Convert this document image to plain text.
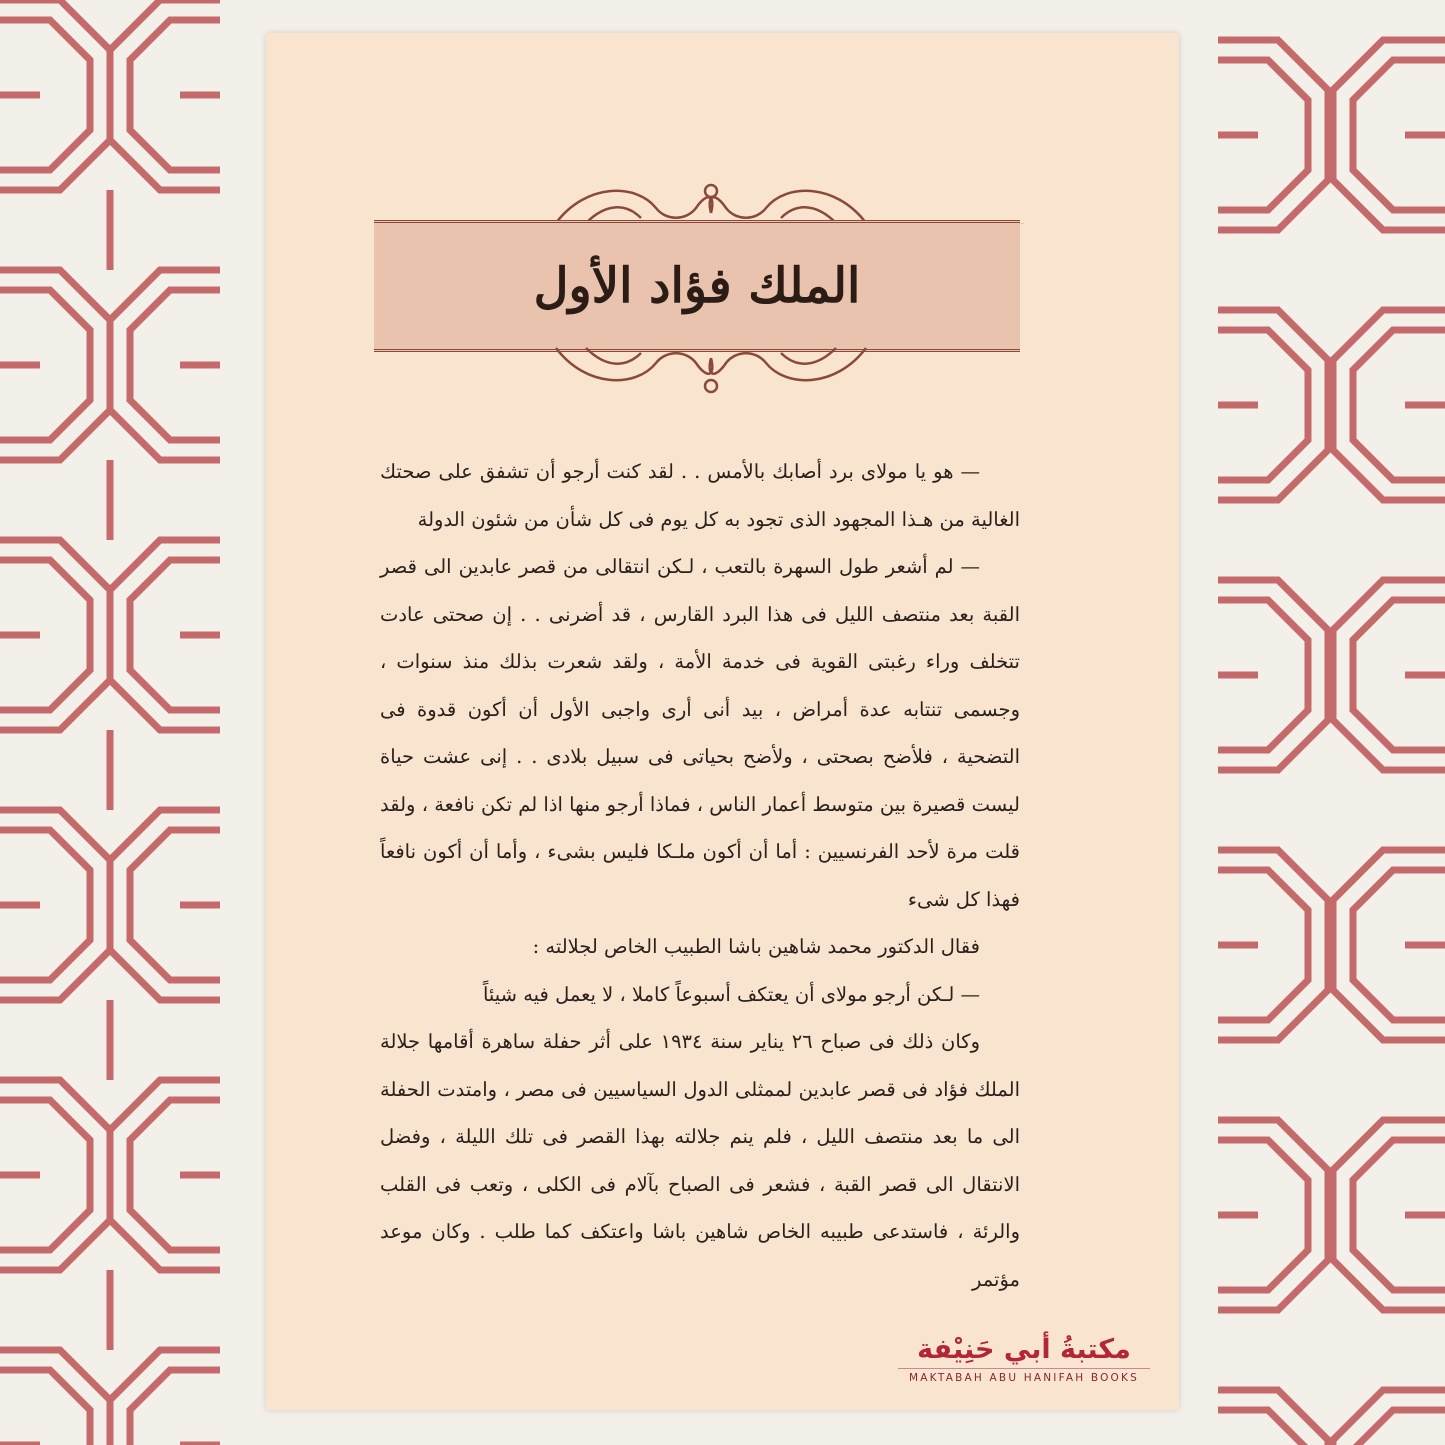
الملك فؤاد الأول

— هو يا مولاى برد أصابك بالأمس . . لقد كنت أرجو أن تشفق على صحتك الغالية من هـذا المجهود الذى تجود به كل يوم فى كل شأن من شئون الدولة

— لم أشعر طول السهرة بالتعب ، لـكن انتقالى من قصر عابدين الى قصر القبة بعد منتصف الليل فى هذا البرد القارس ، قد أضرنى . . إن صحتى عادت تتخلف وراء رغبتى القوية فى خدمة الأمة ، ولقد شعرت بذلك منذ سنوات ، وجسمى تنتابه عدة أمراض ، بيد أنى أرى واجبى الأول أن أكون قدوة فى التضحية ، فلأضح بصحتى ، ولأضح بحياتى فى سبيل بلادى . . إنى عشت حياة ليست قصيرة بين متوسط أعمار الناس ، فماذا أرجو منها اذا لم تكن نافعة ، ولقد قلت مرة لأحد الفرنسيين : أما أن أكون ملـكا فليس بشىء ، وأما أن أكون نافعاً فهذا كل شىء

فقال الدكتور محمد شاهين باشا الطبيب الخاص لجلالته :

— لـكن أرجو مولاى أن يعتكف أسبوعاً كاملا ، لا يعمل فيه شيئاً

وكان ذلك فى صباح ٢٦ يناير سنة ١٩٣٤ على أثر حفلة ساهرة أقامها جلالة الملك فؤاد فى قصر عابدين لممثلى الدول السياسيين فى مصر ، وامتدت الحفلة الى ما بعد منتصف الليل ، فلم ينم جلالته بهذا القصر فى تلك الليلة ، وفضل الانتقال الى قصر القبة ، فشعر فى الصباح بآلام فى الكلى ، وتعب فى القلب والرئة ، فاستدعى طبيبه الخاص شاهين باشا واعتكف كما طلب . وكان موعد مؤتمر

مكتبةُ أبي حَنِيْفة
MAKTABAH ABU HANIFAH BOOKS
